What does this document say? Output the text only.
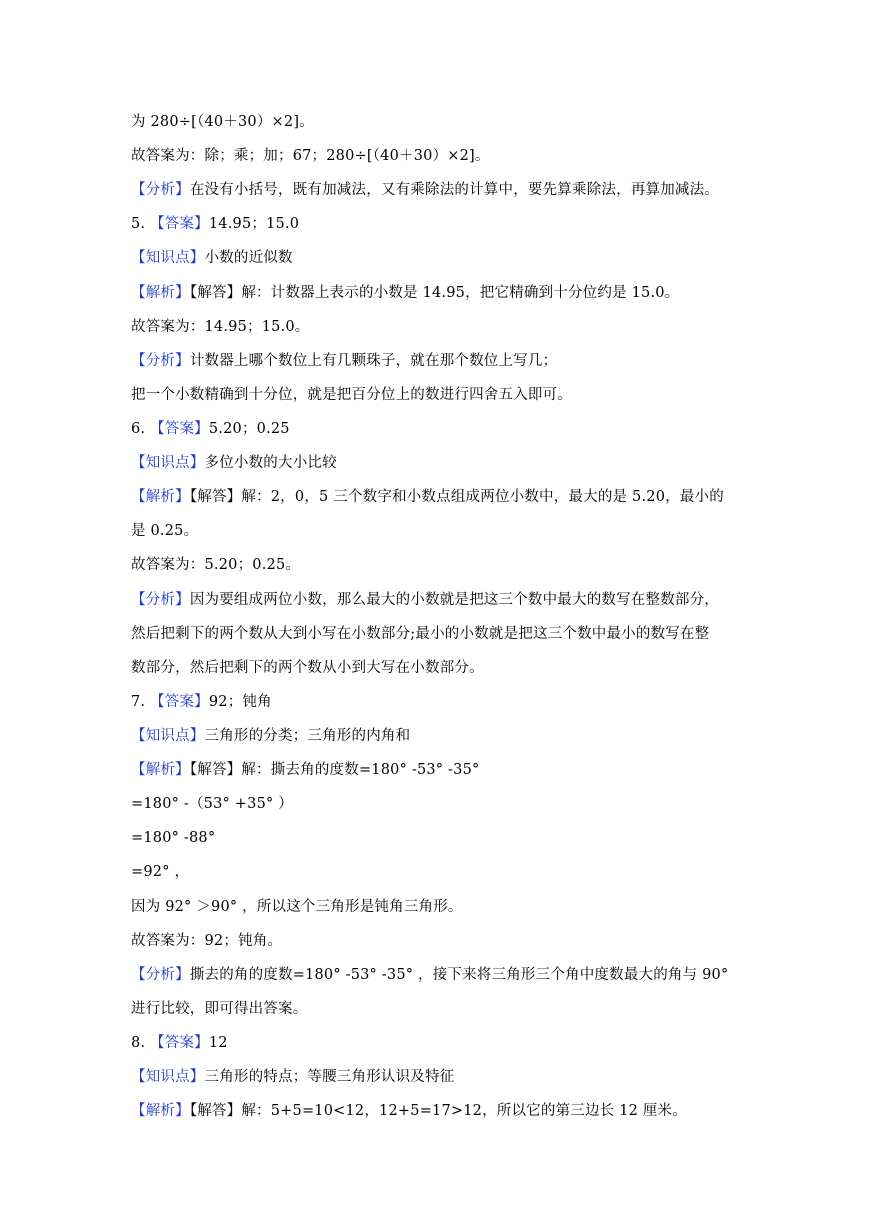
为 280÷[（40＋30）×2]。
故答案为：除；乘；加；67；280÷[（40＋30）×2]。
【分析】在没有小括号，既有加减法，又有乘除法的计算中，要先算乘除法，再算加减法。
5. 【答案】14.95；15.0
【知识点】小数的近似数
【解析】【解答】解：计数器上表示的小数是 14.95，把它精确到十分位约是 15.0。
故答案为：14.95；15.0。
【分析】计数器上哪个数位上有几颗珠子，就在那个数位上写几；
把一个小数精确到十分位，就是把百分位上的数进行四舍五入即可。
6. 【答案】5.20；0.25
【知识点】多位小数的大小比较
【解析】【解答】解：2，0，5 三个数字和小数点组成两位小数中，最大的是 5.20，最小的
是 0.25。
故答案为：5.20；0.25。
【分析】因为要组成两位小数，那么最大的小数就是把这三个数中最大的数写在整数部分，
然后把剩下的两个数从大到小写在小数部分;最小的小数就是把这三个数中最小的数写在整
数部分，然后把剩下的两个数从小到大写在小数部分。
7. 【答案】92；钝角
【知识点】三角形的分类；三角形的内角和
【解析】【解答】解：撕去角的度数=180° -53° -35°
=180° -（53° +35° ）
=180° -88°
=92° ，
因为 92° ＞90° ，所以这个三角形是钝角三角形。
故答案为：92；钝角。
【分析】撕去的角的度数=180° -53° -35° ，接下来将三角形三个角中度数最大的角与 90°
进行比较，即可得出答案。
8. 【答案】12
【知识点】三角形的特点；等腰三角形认识及特征
【解析】【解答】解：5+5=10<12，12+5=17>12，所以它的第三边长 12 厘米。
